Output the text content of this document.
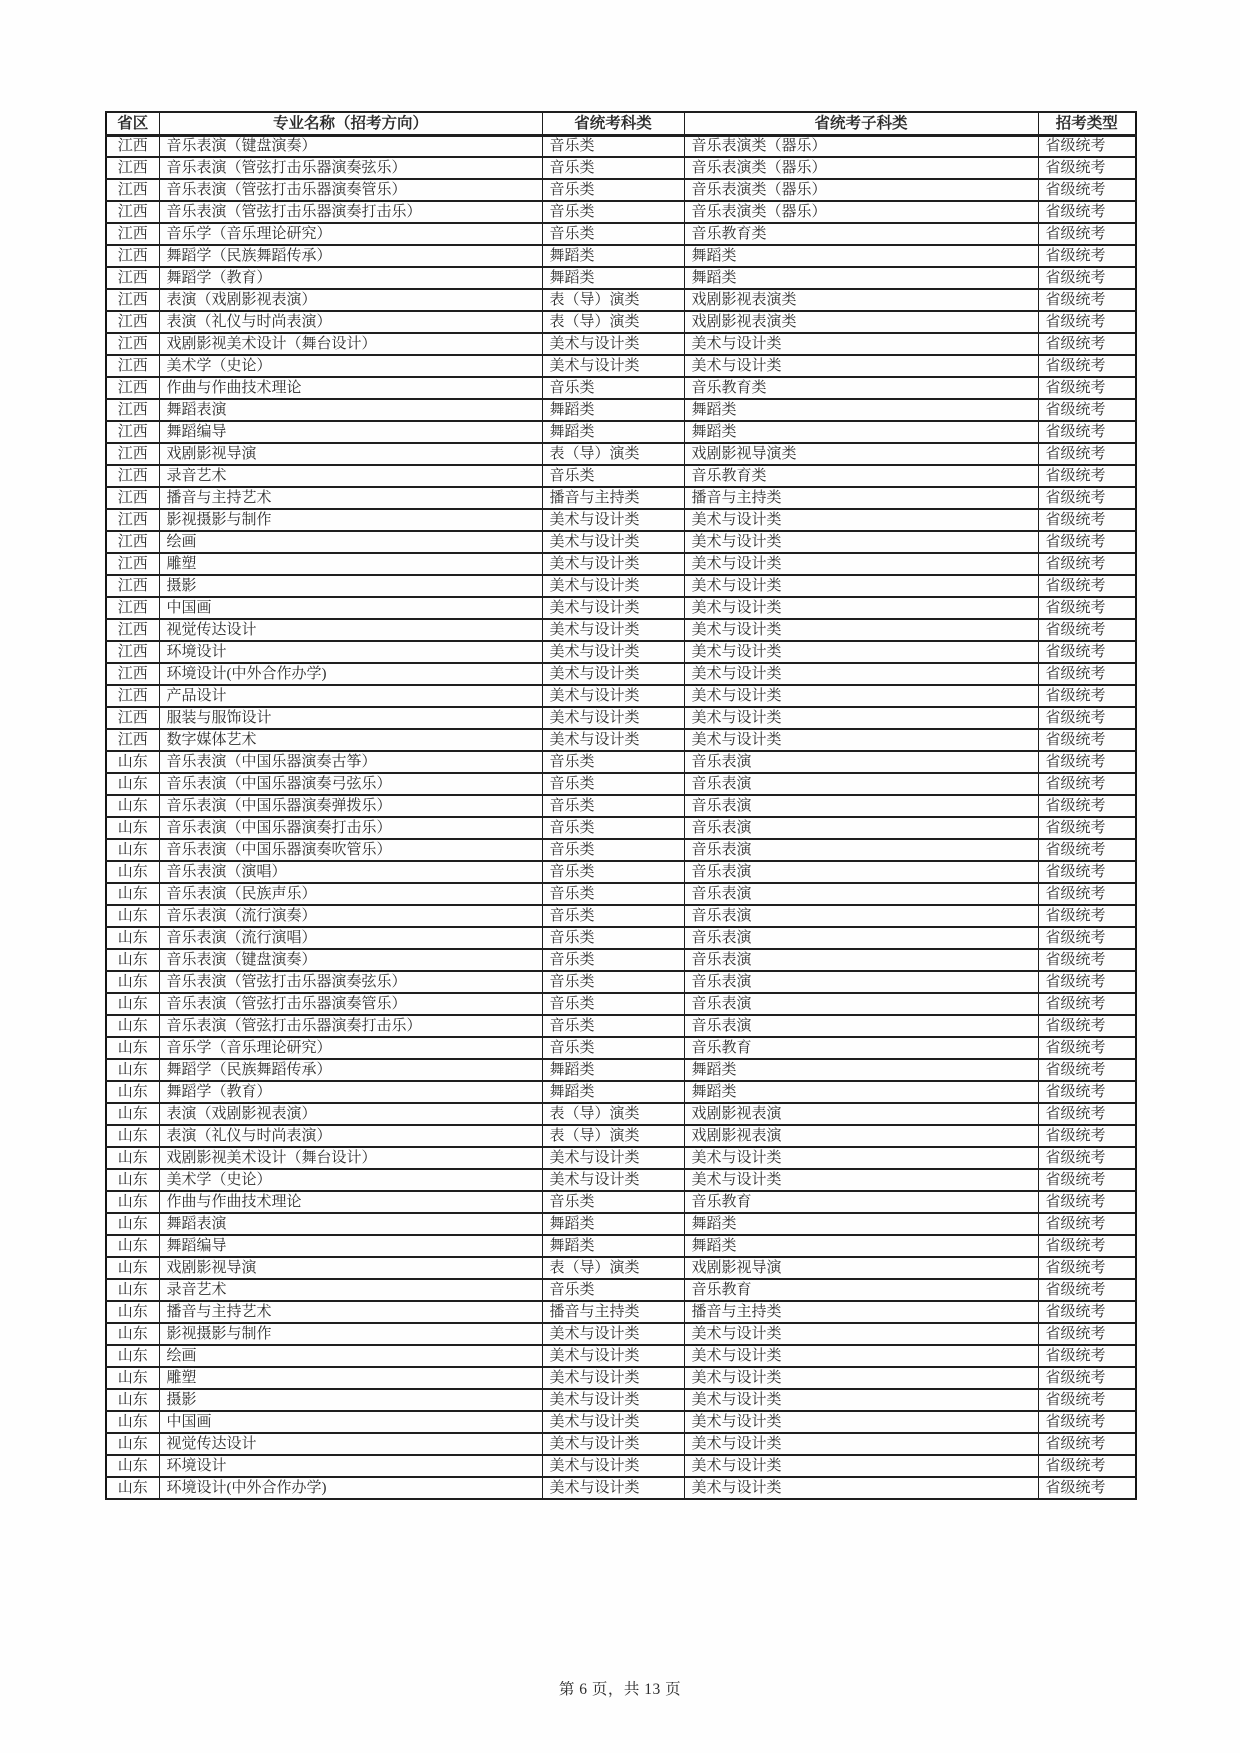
省区	专业名称（招考方向）	省统考科类	省统考子科类	招考类型
江西	音乐表演（键盘演奏）	音乐类	音乐表演类（器乐）	省级统考
江西	音乐表演（管弦打击乐器演奏弦乐）	音乐类	音乐表演类（器乐）	省级统考
江西	音乐表演（管弦打击乐器演奏管乐）	音乐类	音乐表演类（器乐）	省级统考
江西	音乐表演（管弦打击乐器演奏打击乐）	音乐类	音乐表演类（器乐）	省级统考
江西	音乐学（音乐理论研究）	音乐类	音乐教育类	省级统考
江西	舞蹈学（民族舞蹈传承）	舞蹈类	舞蹈类	省级统考
江西	舞蹈学（教育）	舞蹈类	舞蹈类	省级统考
江西	表演（戏剧影视表演）	表（导）演类	戏剧影视表演类	省级统考
江西	表演（礼仪与时尚表演）	表（导）演类	戏剧影视表演类	省级统考
江西	戏剧影视美术设计（舞台设计）	美术与设计类	美术与设计类	省级统考
江西	美术学（史论）	美术与设计类	美术与设计类	省级统考
江西	作曲与作曲技术理论	音乐类	音乐教育类	省级统考
江西	舞蹈表演	舞蹈类	舞蹈类	省级统考
江西	舞蹈编导	舞蹈类	舞蹈类	省级统考
江西	戏剧影视导演	表（导）演类	戏剧影视导演类	省级统考
江西	录音艺术	音乐类	音乐教育类	省级统考
江西	播音与主持艺术	播音与主持类	播音与主持类	省级统考
江西	影视摄影与制作	美术与设计类	美术与设计类	省级统考
江西	绘画	美术与设计类	美术与设计类	省级统考
江西	雕塑	美术与设计类	美术与设计类	省级统考
江西	摄影	美术与设计类	美术与设计类	省级统考
江西	中国画	美术与设计类	美术与设计类	省级统考
江西	视觉传达设计	美术与设计类	美术与设计类	省级统考
江西	环境设计	美术与设计类	美术与设计类	省级统考
江西	环境设计(中外合作办学)	美术与设计类	美术与设计类	省级统考
江西	产品设计	美术与设计类	美术与设计类	省级统考
江西	服装与服饰设计	美术与设计类	美术与设计类	省级统考
江西	数字媒体艺术	美术与设计类	美术与设计类	省级统考
山东	音乐表演（中国乐器演奏古筝）	音乐类	音乐表演	省级统考
山东	音乐表演（中国乐器演奏弓弦乐）	音乐类	音乐表演	省级统考
山东	音乐表演（中国乐器演奏弹拨乐）	音乐类	音乐表演	省级统考
山东	音乐表演（中国乐器演奏打击乐）	音乐类	音乐表演	省级统考
山东	音乐表演（中国乐器演奏吹管乐）	音乐类	音乐表演	省级统考
山东	音乐表演（演唱）	音乐类	音乐表演	省级统考
山东	音乐表演（民族声乐）	音乐类	音乐表演	省级统考
山东	音乐表演（流行演奏）	音乐类	音乐表演	省级统考
山东	音乐表演（流行演唱）	音乐类	音乐表演	省级统考
山东	音乐表演（键盘演奏）	音乐类	音乐表演	省级统考
山东	音乐表演（管弦打击乐器演奏弦乐）	音乐类	音乐表演	省级统考
山东	音乐表演（管弦打击乐器演奏管乐）	音乐类	音乐表演	省级统考
山东	音乐表演（管弦打击乐器演奏打击乐）	音乐类	音乐表演	省级统考
山东	音乐学（音乐理论研究）	音乐类	音乐教育	省级统考
山东	舞蹈学（民族舞蹈传承）	舞蹈类	舞蹈类	省级统考
山东	舞蹈学（教育）	舞蹈类	舞蹈类	省级统考
山东	表演（戏剧影视表演）	表（导）演类	戏剧影视表演	省级统考
山东	表演（礼仪与时尚表演）	表（导）演类	戏剧影视表演	省级统考
山东	戏剧影视美术设计（舞台设计）	美术与设计类	美术与设计类	省级统考
山东	美术学（史论）	美术与设计类	美术与设计类	省级统考
山东	作曲与作曲技术理论	音乐类	音乐教育	省级统考
山东	舞蹈表演	舞蹈类	舞蹈类	省级统考
山东	舞蹈编导	舞蹈类	舞蹈类	省级统考
山东	戏剧影视导演	表（导）演类	戏剧影视导演	省级统考
山东	录音艺术	音乐类	音乐教育	省级统考
山东	播音与主持艺术	播音与主持类	播音与主持类	省级统考
山东	影视摄影与制作	美术与设计类	美术与设计类	省级统考
山东	绘画	美术与设计类	美术与设计类	省级统考
山东	雕塑	美术与设计类	美术与设计类	省级统考
山东	摄影	美术与设计类	美术与设计类	省级统考
山东	中国画	美术与设计类	美术与设计类	省级统考
山东	视觉传达设计	美术与设计类	美术与设计类	省级统考
山东	环境设计	美术与设计类	美术与设计类	省级统考
山东	环境设计(中外合作办学)	美术与设计类	美术与设计类	省级统考
第 6 页，共 13 页
